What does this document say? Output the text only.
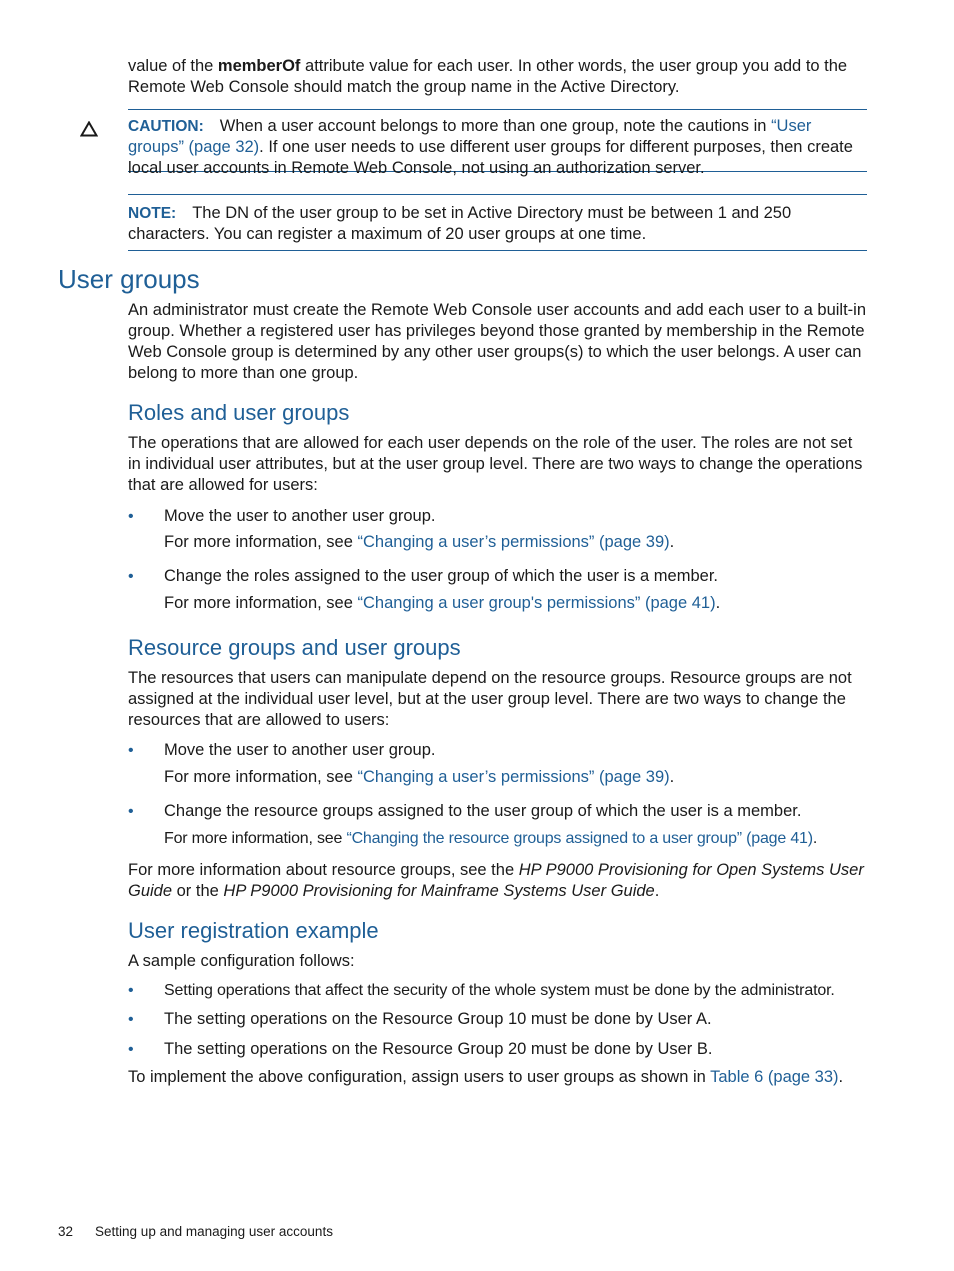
value of the memberOf attribute value for each user. In other words, the user group you add to the Remote Web Console should match the group name in the Active Directory.

CAUTION: When a user account belongs to more than one group, note the cautions in “User groups” (page 32). If one user needs to use different user groups for different purposes, then create local user accounts in Remote Web Console, not using an authorization server.

NOTE: The DN of the user group to be set in Active Directory must be between 1 and 250 characters. You can register a maximum of 20 user groups at one time.

User groups

An administrator must create the Remote Web Console user accounts and add each user to a built-in group. Whether a registered user has privileges beyond those granted by membership in the Remote Web Console group is determined by any other user groups(s) to which the user belongs. A user can belong to more than one group.

Roles and user groups

The operations that are allowed for each user depends on the role of the user. The roles are not set in individual user attributes, but at the user group level. There are two ways to change the operations that are allowed for users:

• Move the user to another user group.
For more information, see “Changing a user’s permissions” (page 39).
• Change the roles assigned to the user group of which the user is a member.
For more information, see “Changing a user group's permissions” (page 41).
Resource groups and user groups

The resources that users can manipulate depend on the resource groups. Resource groups are not assigned at the individual user level, but at the user group level. There are two ways to change the resources that are allowed to users:

• Move the user to another user group.
For more information, see “Changing a user’s permissions” (page 39).
• Change the resource groups assigned to the user group of which the user is a member.
For more information, see “Changing the resource groups assigned to a user group” (page 41).

For more information about resource groups, see the HP P9000 Provisioning for Open Systems User Guide or the HP P9000 Provisioning for Mainframe Systems User Guide.

User registration example

A sample configuration follows:

• Setting operations that affect the security of the whole system must be done by the administrator.
• The setting operations on the Resource Group 10 must be done by User A.
• The setting operations on the Resource Group 20 must be done by User B.

To implement the above configuration, assign users to user groups as shown in Table 6 (page 33).

32 Setting up and managing user accounts
